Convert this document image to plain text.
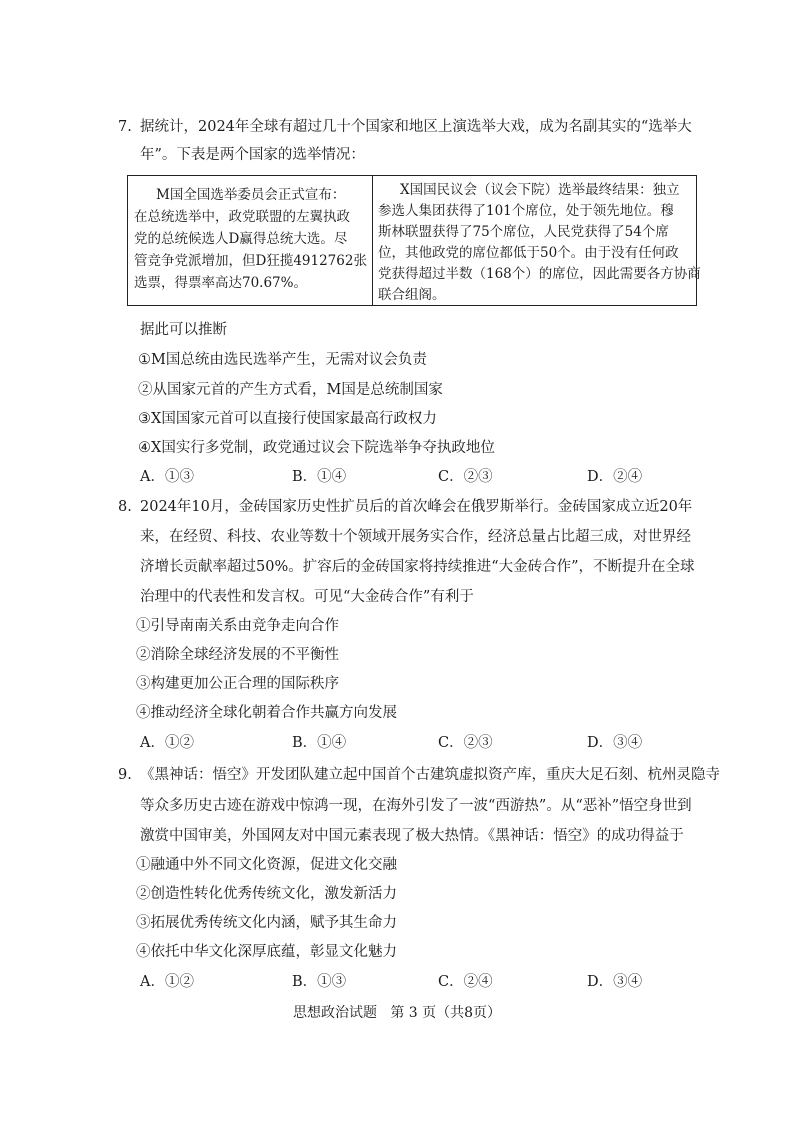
7. 据统计，2024年全球有超过几十个国家和地区上演选举大戏，成为名副其实的“选举大
年”。下表是两个国家的选举情况：
M国全国选举委员会正式宣布：
在总统选举中，政党联盟的左翼执政
党的总统候选人D赢得总统大选。尽
管竞争党派增加，但D狂揽4912762张
选票，得票率高达70.67%。
X国国民议会（议会下院）选举最终结果：独立
参选人集团获得了101个席位，处于领先地位。穆
斯林联盟获得了75个席位，人民党获得了54个席
位，其他政党的席位都低于50个。由于没有任何政
党获得超过半数（168个）的席位，因此需要各方协商
联合组阁。
据此可以推断
①M国总统由选民选举产生，无需对议会负责
②从国家元首的产生方式看，M国是总统制国家
③X国国家元首可以直接行使国家最高行政权力
④X国实行多党制，政党通过议会下院选举争夺执政地位
A．①③	B．①④	C．②③	D．②④
8. 2024年10月，金砖国家历史性扩员后的首次峰会在俄罗斯举行。金砖国家成立近20年
来，在经贸、科技、农业等数十个领域开展务实合作，经济总量占比超三成，对世界经
济增长贡献率超过50%。扩容后的金砖国家将持续推进“大金砖合作”，不断提升在全球
治理中的代表性和发言权。可见“大金砖合作”有利于
①引导南南关系由竞争走向合作
②消除全球经济发展的不平衡性
③构建更加公正合理的国际秩序
④推动经济全球化朝着合作共赢方向发展
A．①②	B．①④	C．②③	D．③④
9. 《黑神话：悟空》开发团队建立起中国首个古建筑虚拟资产库，重庆大足石刻、杭州灵隐寺
等众多历史古迹在游戏中惊鸿一现，在海外引发了一波“西游热”。从“恶补”悟空身世到
激赏中国审美，外国网友对中国元素表现了极大热情。《黑神话：悟空》的成功得益于
①融通中外不同文化资源，促进文化交融
②创造性转化优秀传统文化，激发新活力
③拓展优秀传统文化内涵，赋予其生命力
④依托中华文化深厚底蕴，彰显文化魅力
A．①②	B．①③	C．②④	D．③④
思想政治试题 第 3 页（共8页）
